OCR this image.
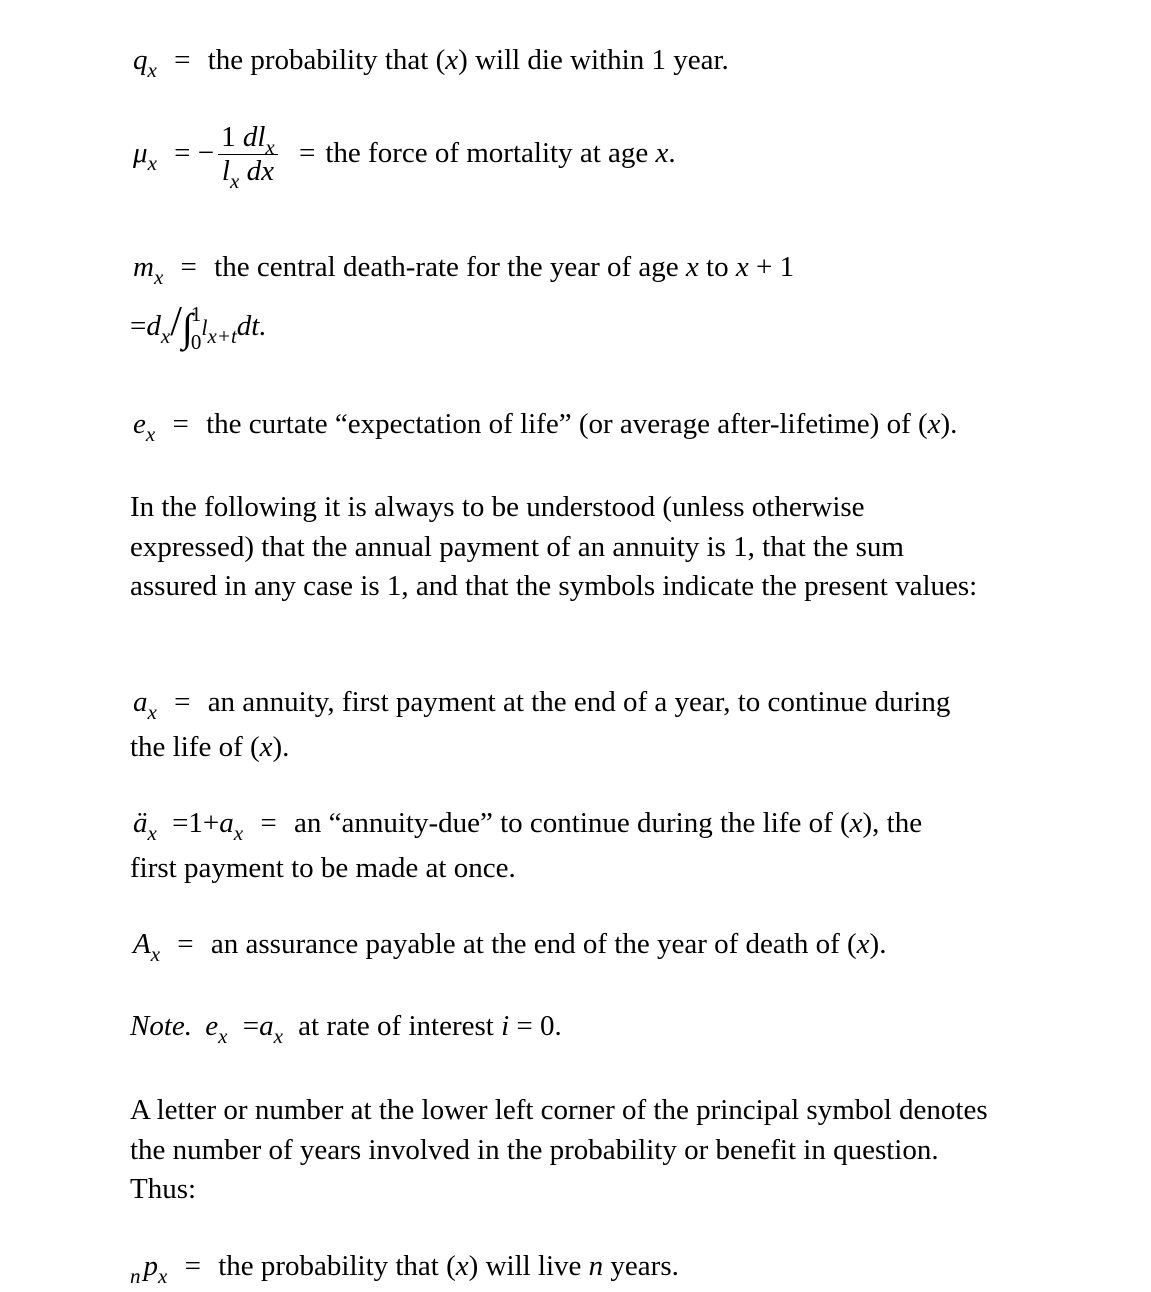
$q_x$ = the probability that (x) will die within 1 year.
$\mu_x$ = − $\frac{1 dl_x}{l_x dx}$ = the force of mortality at age x.
$m_x$ = the central death-rate for the year of age x to x + 1
$=d_x/\int$
1
0
$l_{x+t}dt$.
$e_x$ = the curtate “expectation of life” (or average after-lifetime) of (x).
In the following it is always to be understood (unless otherwise expressed) that the annual payment of an annuity is 1, that the sum assured in any case is 1, and that the symbols indicate the present values:
$a_x$ = an annuity, first payment at the end of a year, to continue during
the life of (x).
$ä_x =1+a_x$ = an “annuity-due” to continue during the life of (x), the
first payment to be made at once.
$A_x$ = an assurance payable at the end of the year of death of (x).
Note. $e_x =a_x$ at rate of interest i = 0.
A letter or number at the lower left corner of the principal symbol denotes the number of years involved in the probability or benefit in question. Thus:
$_n$ $p_x$ = the probability that (x) will live n years.
